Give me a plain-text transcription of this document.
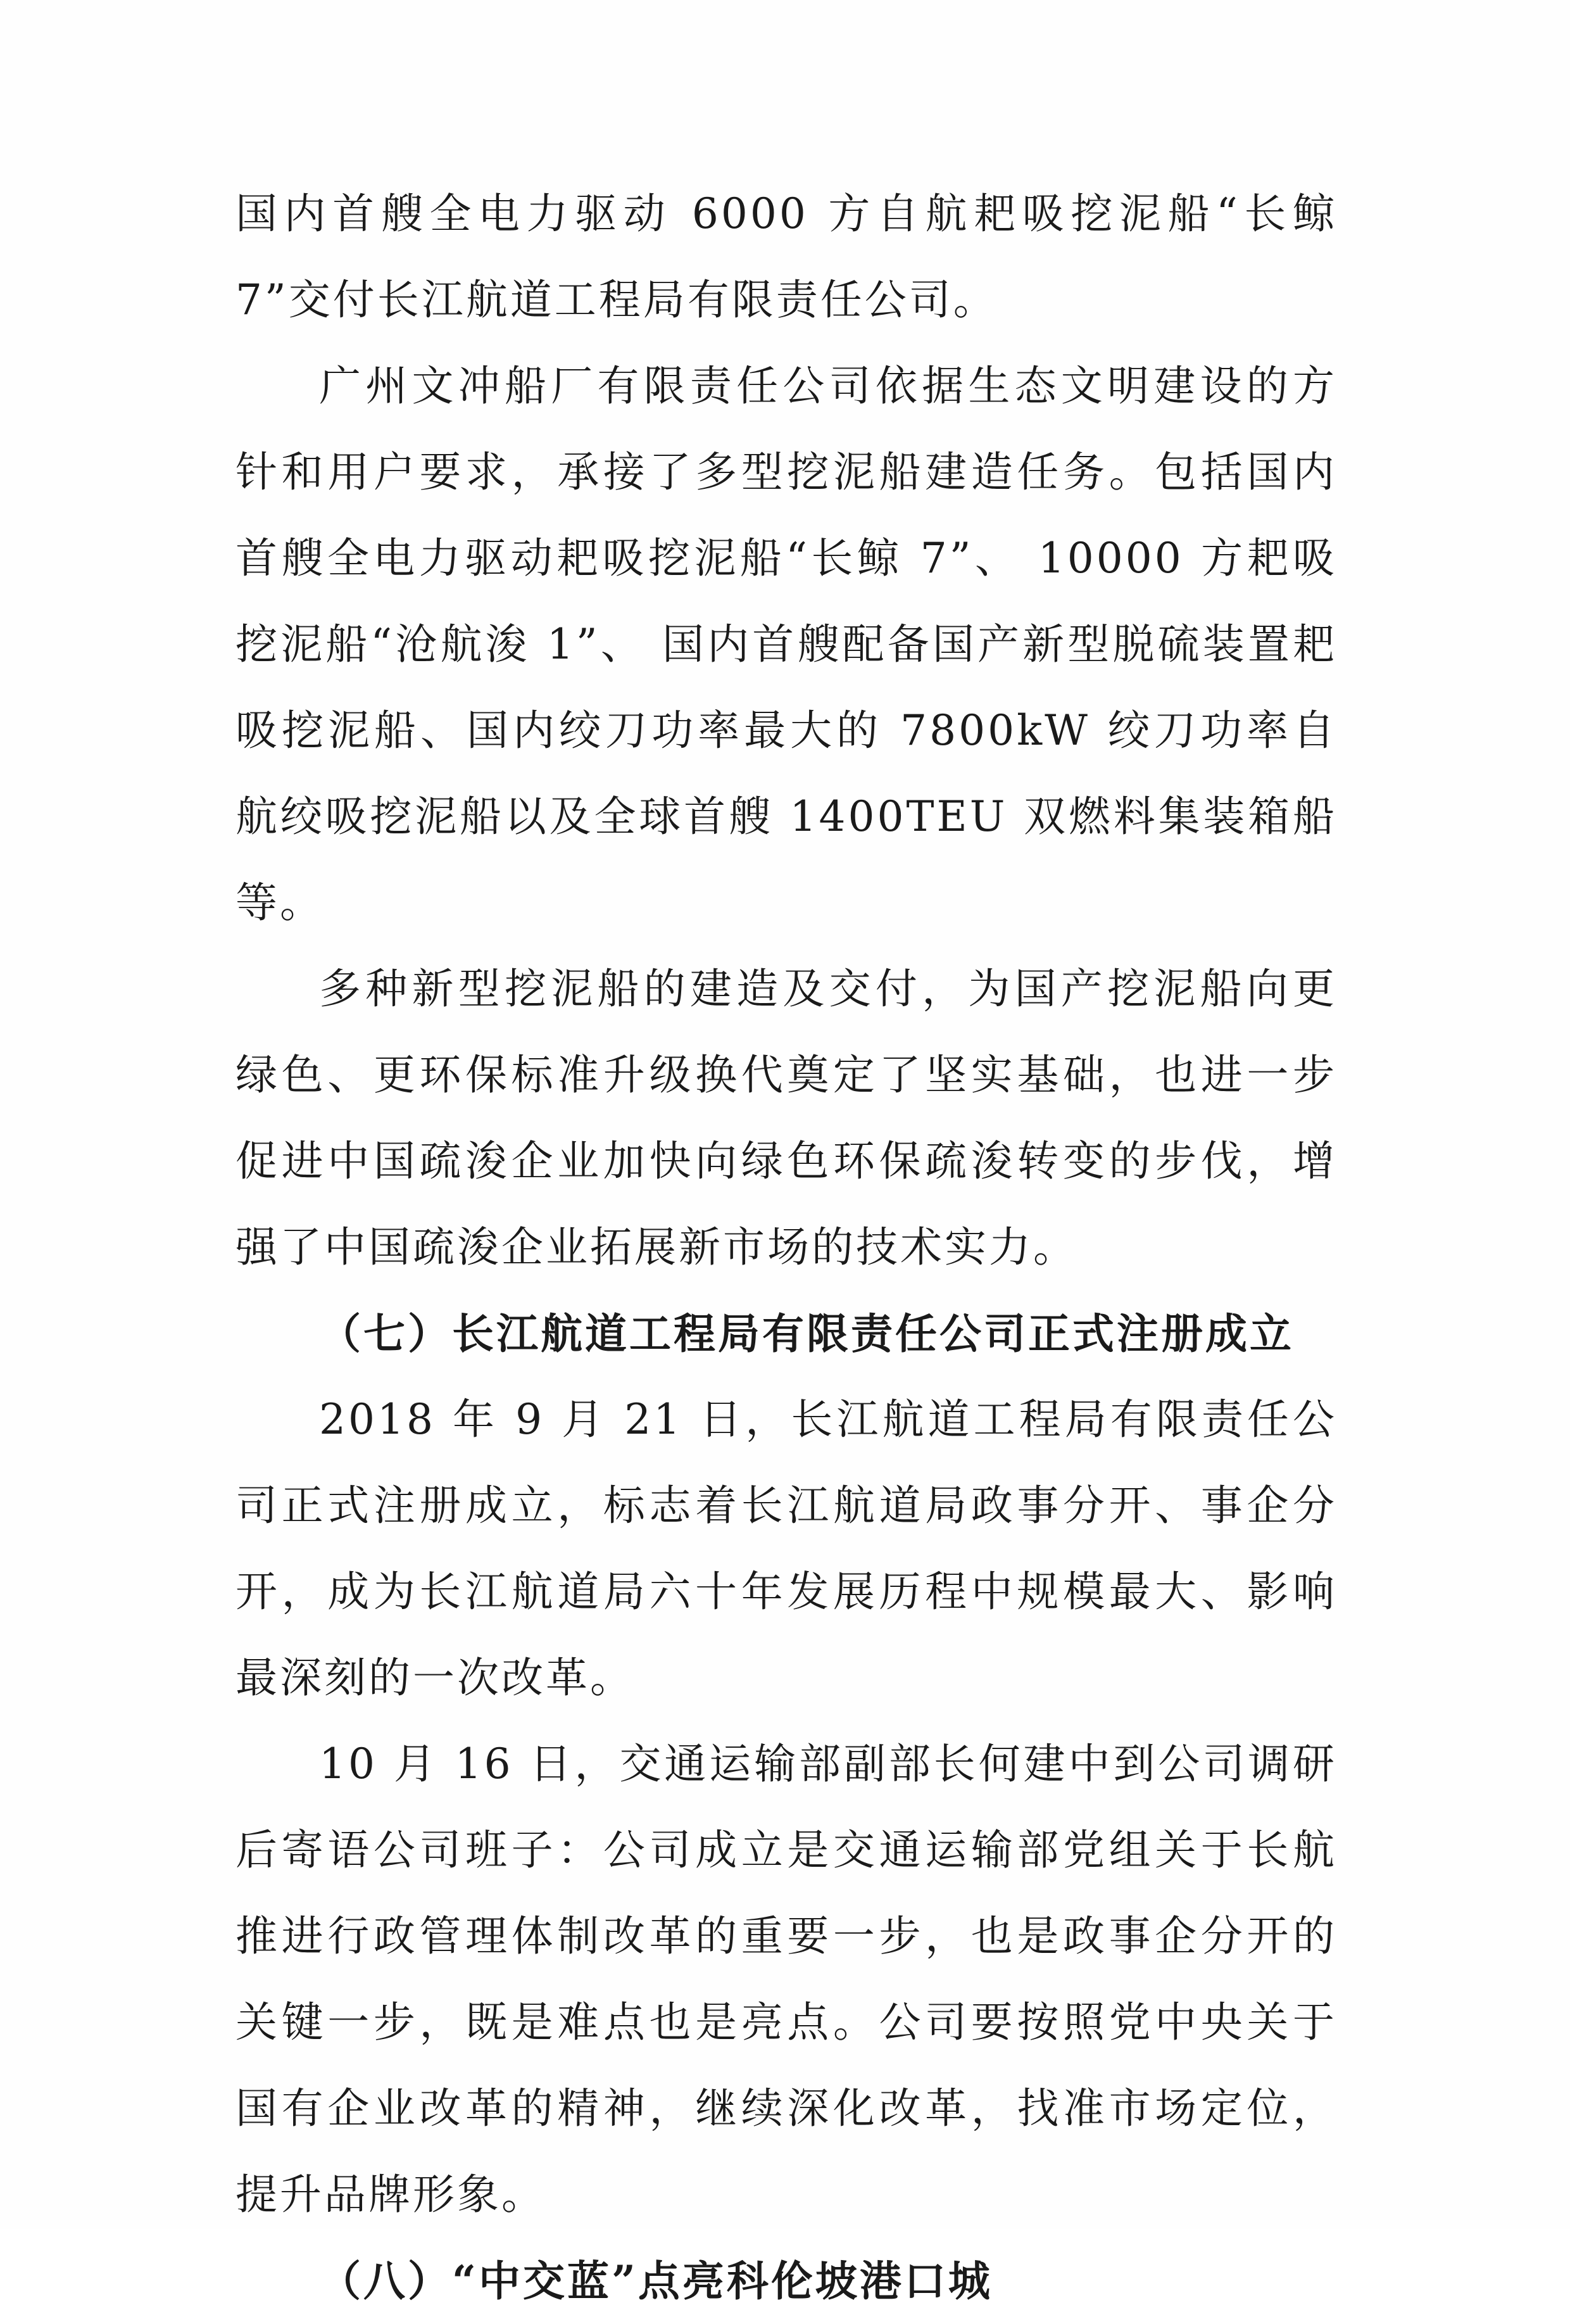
国内首艘全电力驱动 6000 方自航耙吸挖泥船“长鲸 7”交付长江航道工程局有限责任公司。

广州文冲船厂有限责任公司依据生态文明建设的方针和用户要求，承接了多型挖泥船建造任务。包括国内首艘全电力驱动耙吸挖泥船“长鲸 7”、 10000 方耙吸挖泥船“沧航浚 1”、 国内首艘配备国产新型脱硫装置耙吸挖泥船、国内绞刀功率最大的 7800kW 绞刀功率自航绞吸挖泥船以及全球首艘 1400TEU 双燃料集装箱船等。

多种新型挖泥船的建造及交付，为国产挖泥船向更绿色、更环保标准升级换代奠定了坚实基础，也进一步促进中国疏浚企业加快向绿色环保疏浚转变的步伐，增强了中国疏浚企业拓展新市场的技术实力。

（七）长江航道工程局有限责任公司正式注册成立

2018 年 9 月 21 日，长江航道工程局有限责任公司正式注册成立，标志着长江航道局政事分开、事企分开，成为长江航道局六十年发展历程中规模最大、影响最深刻的一次改革。

10 月 16 日，交通运输部副部长何建中到公司调研后寄语公司班子：公司成立是交通运输部党组关于长航推进行政管理体制改革的重要一步，也是政事企分开的关键一步，既是难点也是亮点。公司要按照党中央关于国有企业改革的精神，继续深化改革，找准市场定位，提升品牌形象。

（八）“中交蓝”点亮科伦坡港口城
